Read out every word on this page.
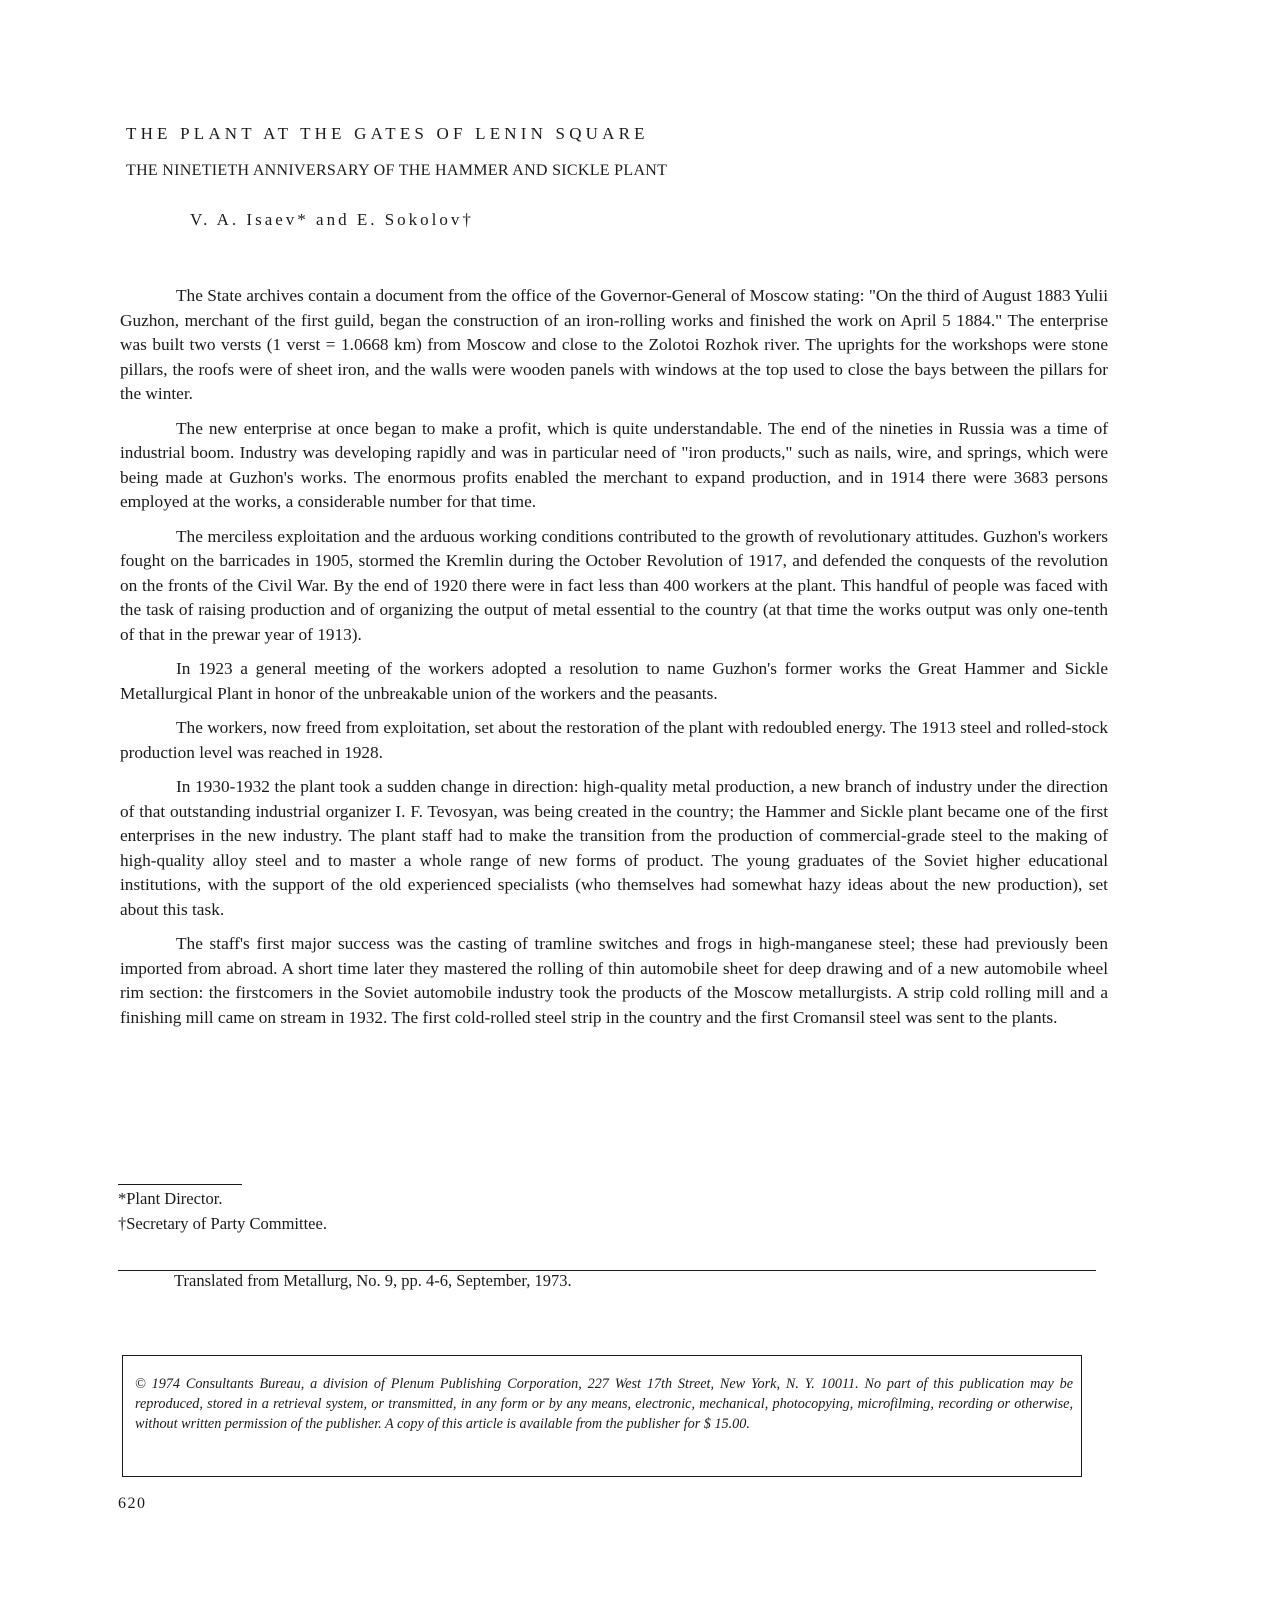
THE PLANT AT THE GATES OF LENIN SQUARE
THE NINETIETH ANNIVERSARY OF THE HAMMER AND SICKLE PLANT
V. A. Isaev* and E. Sokolov†

The State archives contain a document from the office of the Governor-General of Moscow stating: "On the third of August 1883 Yulii Guzhon, merchant of the first guild, began the construction of an iron-rolling works and finished the work on April 5 1884." The enterprise was built two versts (1 verst = 1.0668 km) from Moscow and close to the Zolotoi Rozhok river. The uprights for the workshops were stone pillars, the roofs were of sheet iron, and the walls were wooden panels with windows at the top used to close the bays between the pillars for the winter.

The new enterprise at once began to make a profit, which is quite understandable. The end of the nineties in Russia was a time of industrial boom. Industry was developing rapidly and was in particular need of "iron products," such as nails, wire, and springs, which were being made at Guzhon's works. The enormous profits enabled the merchant to expand production, and in 1914 there were 3683 persons employed at the works, a considerable number for that time.

The merciless exploitation and the arduous working conditions contributed to the growth of revolutionary attitudes. Guzhon's workers fought on the barricades in 1905, stormed the Kremlin during the October Revolution of 1917, and defended the conquests of the revolution on the fronts of the Civil War. By the end of 1920 there were in fact less than 400 workers at the plant. This handful of people was faced with the task of raising production and of organizing the output of metal essential to the country (at that time the works output was only one-tenth of that in the prewar year of 1913).

In 1923 a general meeting of the workers adopted a resolution to name Guzhon's former works the Great Hammer and Sickle Metallurgical Plant in honor of the unbreakable union of the workers and the peasants.

The workers, now freed from exploitation, set about the restoration of the plant with redoubled energy. The 1913 steel and rolled-stock production level was reached in 1928.

In 1930-1932 the plant took a sudden change in direction: high-quality metal production, a new branch of industry under the direction of that outstanding industrial organizer I. F. Tevosyan, was being created in the country; the Hammer and Sickle plant became one of the first enterprises in the new industry. The plant staff had to make the transition from the production of commercial-grade steel to the making of high-quality alloy steel and to master a whole range of new forms of product. The young graduates of the Soviet higher educational institutions, with the support of the old experienced specialists (who themselves had somewhat hazy ideas about the new production), set about this task.

The staff's first major success was the casting of tramline switches and frogs in high-manganese steel; these had previously been imported from abroad. A short time later they mastered the rolling of thin automobile sheet for deep drawing and of a new automobile wheel rim section: the firstcomers in the Soviet automobile industry took the products of the Moscow metallurgists. A strip cold rolling mill and a finishing mill came on stream in 1932. The first cold-rolled steel strip in the country and the first Cromansil steel was sent to the plants.

*Plant Director.
†Secretary of Party Committee.
Translated from Metallurg, No. 9, pp. 4-6, September, 1973.
© 1974 Consultants Bureau, a division of Plenum Publishing Corporation, 227 West 17th Street, New York, N. Y. 10011. No part of this publication may be reproduced, stored in a retrieval system, or transmitted, in any form or by any means, electronic, mechanical, photocopying, microfilming, recording or otherwise, without written permission of the publisher. A copy of this article is available from the publisher for $ 15.00.
620
